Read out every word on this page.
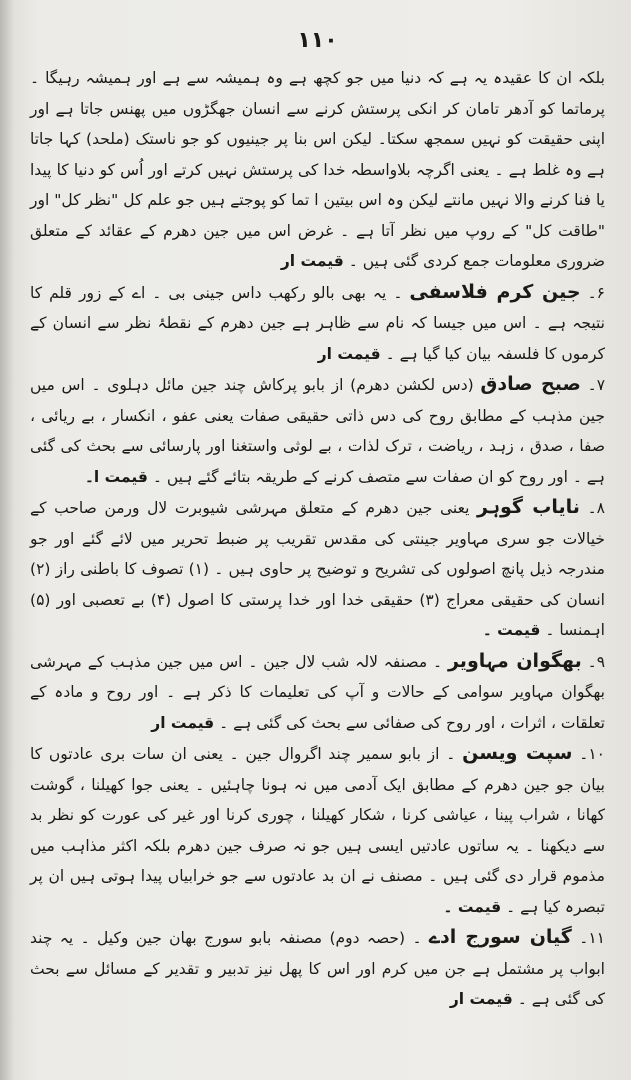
۱۱۰

بلکہ ان کا عقیدہ یہ ہے کہ دنیا میں جو کچھ ہے وہ ہمیشہ سے ہے اور ہمیشہ رہیگا ۔ پرماتما کو آدھر تامان کر انکی پرستش کرنے سے انسان جھگڑوں میں پھنس جاتا ہے اور اپنی حقیقت کو نہیں سمجھ سکتا۔ لیکن اس بنا پر جینیوں کو جو ناستک (ملحد) کہا جاتا ہے وہ غلط ہے ۔ یعنی اگرچہ بلاواسطہ خدا کی پرستش نہیں کرتے اور اُس کو دنیا کا پیدا یا فنا کرنے والا نہیں مانتے لیکن وہ اس بیتین ا تما کو پوجتے ہیں جو علم کل "نظر کل" اور "طاقت کل" کے روپ میں نظر آتا ہے ۔ غرض اس میں جین دھرم کے عقائد کے متعلق ضروری معلومات جمع کردی گئی ہیں ۔ قیمت ار

۶۔ جین کرم فلاسفی ۔ یہ بھی بالو رکھب داس جینی بی ۔ اے کے زور قلم کا نتیجہ ہے ۔ اس میں جیسا کہ نام سے ظاہر ہے جین دھرم کے نقطۂ نظر سے انسان کے کرموں کا فلسفہ بیان کیا گیا ہے ۔ قیمت ار

۷۔ صبح صادق (دس لکشن دھرم) از بابو پرکاش چند جین مائل دہلوی ۔ اس میں جین مذہب کے مطابق روح کی دس ذاتی حقیقی صفات یعنی عفو ، انکسار ، بے ریائی ، صفا ، صدق ، زہد ، ریاضت ، ترک لذات ، بے لوثی واستغنا اور پارسائی سے بحث کی گئی ہے ۔ اور روح کو ان صفات سے متصف کرنے کے طریقہ بتائے گئے ہیں ۔ قیمت ا۔

۸۔ نایاب گوہر یعنی جین دھرم کے متعلق مہرشی شیوبرت لال ورمن صاحب کے خیالات جو سری مہاویر جینتی کی مقدس تقریب پر ضبط تحریر میں لائے گئے اور جو مندرجہ ذیل پانچ اصولوں کی تشریح و توضیح پر حاوی ہیں ۔ (۱) تصوف کا باطنی راز (۲) انسان کی حقیقی معراج (۳) حقیقی خدا اور خدا پرستی کا اصول (۴) بے تعصبی اور (۵) اہمنسا ۔ قیمت ۔

۹۔ بھگوان مہاویر ۔ مصنفہ لالہ شب لال جین ۔ اس میں جین مذہب کے مہرشی بھگوان مہاویر سوامی کے حالات و آپ کی تعلیمات کا ذکر ہے ۔ اور روح و مادہ کے تعلقات ، اثرات ، اور روح کی صفائی سے بحث کی گئی ہے ۔ قیمت ار

۱۰۔ سپت ویسن ۔ از بابو سمیر چند اگروال جین ۔ یعنی ان سات بری عادتوں کا بیان جو جین دھرم کے مطابق ایک آدمی میں نہ ہونا چاہئیں ۔ یعنی جوا کھیلنا ، گوشت کھانا ، شراب پینا ، عیاشی کرنا ، شکار کھیلنا ، چوری کرنا اور غیر کی عورت کو نظر بد سے دیکھنا ۔ یہ ساتوں عادتیں ایسی ہیں جو نہ صرف جین دھرم بلکہ اکثر مذاہب میں مذموم قرار دی گئی ہیں ۔ مصنف نے ان بد عادتوں سے جو خرابیاں پیدا ہوتی ہیں ان پر تبصرہ کیا ہے ۔ قیمت ۔

۱۱۔ گیان سورج ادے ۔ (حصہ دوم) مصنفہ بابو سورج بھان جین وکیل ۔ یہ چند ابواب پر مشتمل ہے جن میں کرم اور اس کا پھل نیز تدبیر و تقدیر کے مسائل سے بحث کی گئی ہے ۔ قیمت ار
